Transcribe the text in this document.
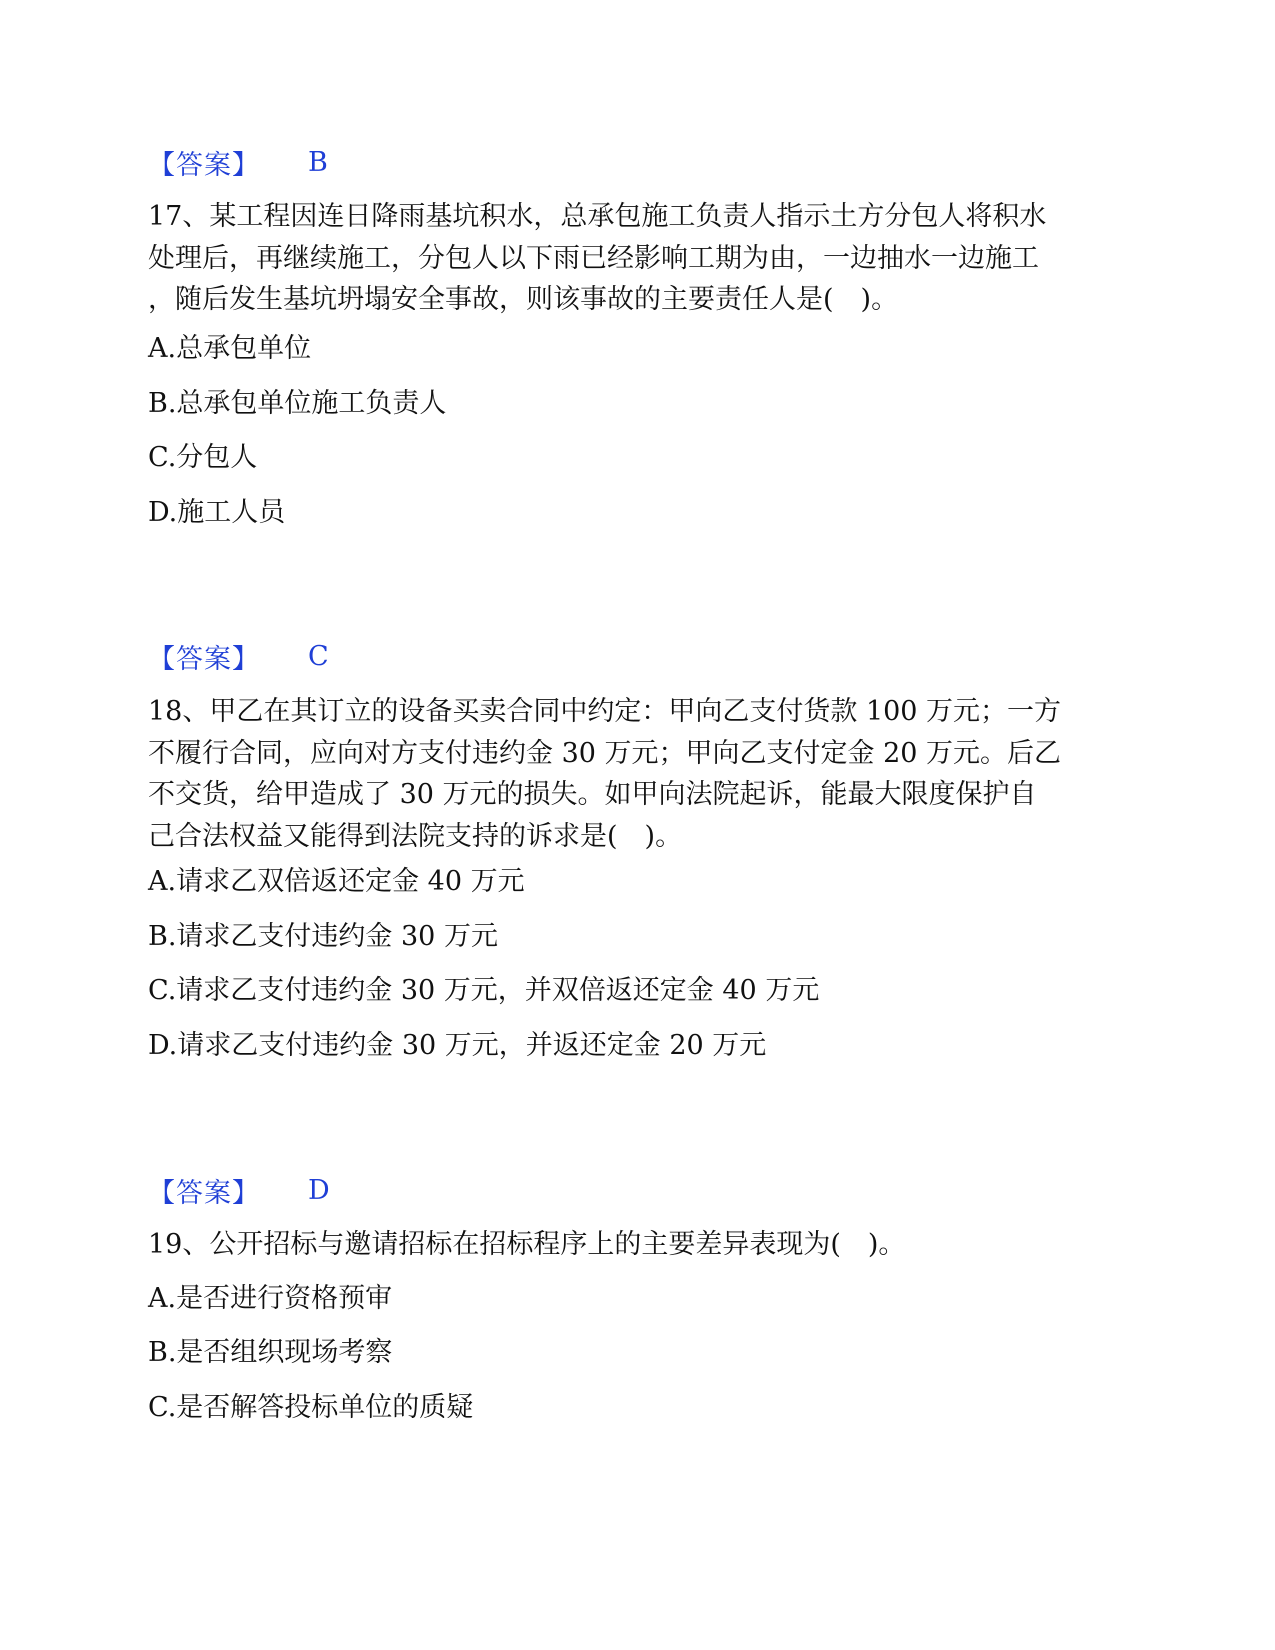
【答案】 B
17、某工程因连日降雨基坑积水，总承包施工负责人指示土方分包人将积水
处理后，再继续施工，分包人以下雨已经影响工期为由，一边抽水一边施工
，随后发生基坑坍塌安全事故，则该事故的主要责任人是(　)。
A.总承包单位
B.总承包单位施工负责人
C.分包人
D.施工人员
【答案】 C
18、甲乙在其订立的设备买卖合同中约定：甲向乙支付货款 100 万元；一方
不履行合同，应向对方支付违约金 30 万元；甲向乙支付定金 20 万元。后乙
不交货，给甲造成了 30 万元的损失。如甲向法院起诉，能最大限度保护自
己合法权益又能得到法院支持的诉求是(　)。
A.请求乙双倍返还定金 40 万元
B.请求乙支付违约金 30 万元
C.请求乙支付违约金 30 万元，并双倍返还定金 40 万元
D.请求乙支付违约金 30 万元，并返还定金 20 万元
【答案】 D
19、公开招标与邀请招标在招标程序上的主要差异表现为(　)。
A.是否进行资格预审
B.是否组织现场考察
C.是否解答投标单位的质疑
